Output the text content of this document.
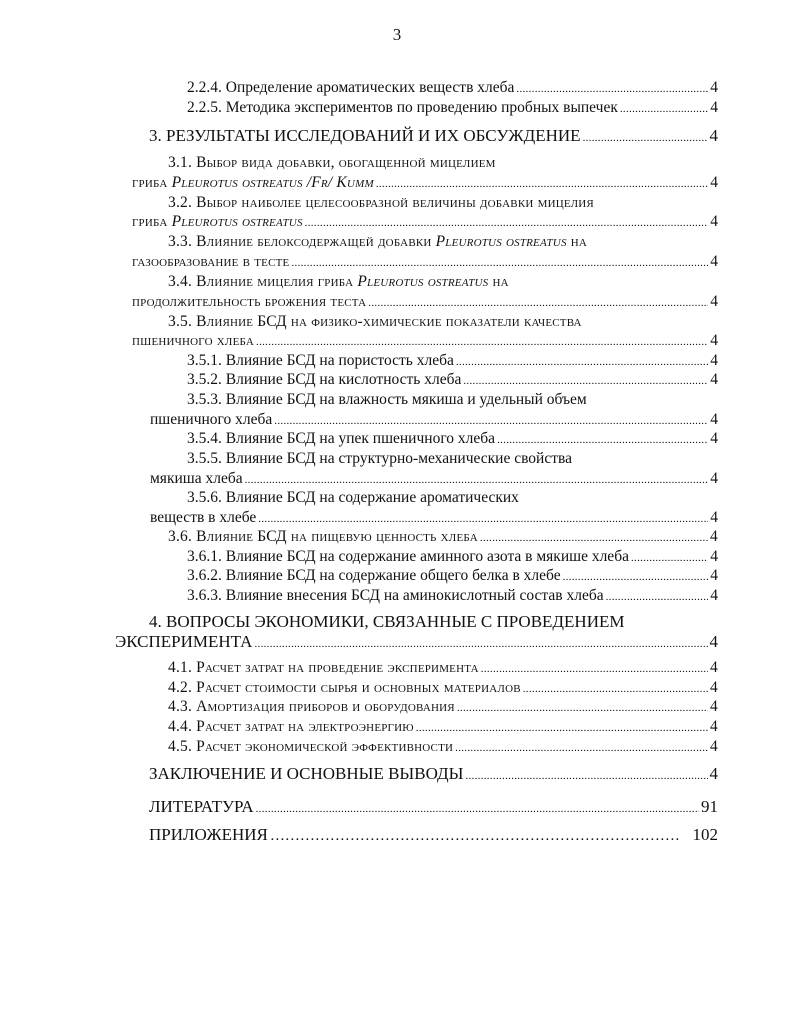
3
2.2.4. Определение ароматических веществ хлеба .....	4
2.2.5. Методика экспериментов по проведению пробных выпечек .....	4
3. РЕЗУЛЬТАТЫ ИССЛЕДОВАНИЙ И ИХ ОБСУЖДЕНИЕ .....	4
3.1. Выбор вида добавки, обогащенной мицелием
гриба Pleurotus ostreatus /Fr/ Kumm .....	4
3.2. Выбор наиболее целесообразной величины добавки мицелия
гриба Pleurotus ostreatus .....	4
3.3. Влияние белоксодержащей добавки Pleurotus ostreatus на
газообразование в тесте .....	4
3.4. Влияние мицелия гриба Pleurotus ostreatus на
продолжительность брожения теста .....	4
3.5. Влияние БСД на физико-химические показатели качества
пшеничного хлеба .....	4
3.5.1. Влияние БСД на пористость хлеба .....	4
3.5.2. Влияние БСД на кислотность хлеба .....	4
3.5.3. Влияние БСД на влажность мякиша и удельный объем
пшеничного хлеба .....	4
3.5.4. Влияние БСД на упек пшеничного хлеба .....	4
3.5.5. Влияние БСД на структурно-механические свойства
мякиша хлеба .....	4
3.5.6. Влияние БСД на содержание ароматических
веществ в хлебе .....	4
3.6. Влияние БСД на пищевую ценность хлеба .....	4
3.6.1. Влияние БСД на содержание аминного азота в мякише хлеба .....	4
3.6.2. Влияние БСД на содержание общего белка в хлебе .....	4
3.6.3. Влияние внесения БСД на аминокислотный состав хлеба .....	4
4. ВОПРОСЫ ЭКОНОМИКИ, СВЯЗАННЫЕ С ПРОВЕДЕНИЕМ
ЭКСПЕРИМЕНТА .....	4
4.1. Расчет затрат на проведение эксперимента .....	4
4.2. Расчет стоимости сырья и основных материалов .....	4
4.3. Амортизация приборов и оборудования .....	4
4.4. Расчет затрат на электроэнергию .....	4
4.5. Расчет экономической эффективности .....	4
ЗАКЛЮЧЕНИЕ И ОСНОВНЫЕ ВЫВОДЫ .....	4
ЛИТЕРАТУРА .....	91
ПРИЛОЖЕНИЯ …………………………………………………………………………………………………………	102
